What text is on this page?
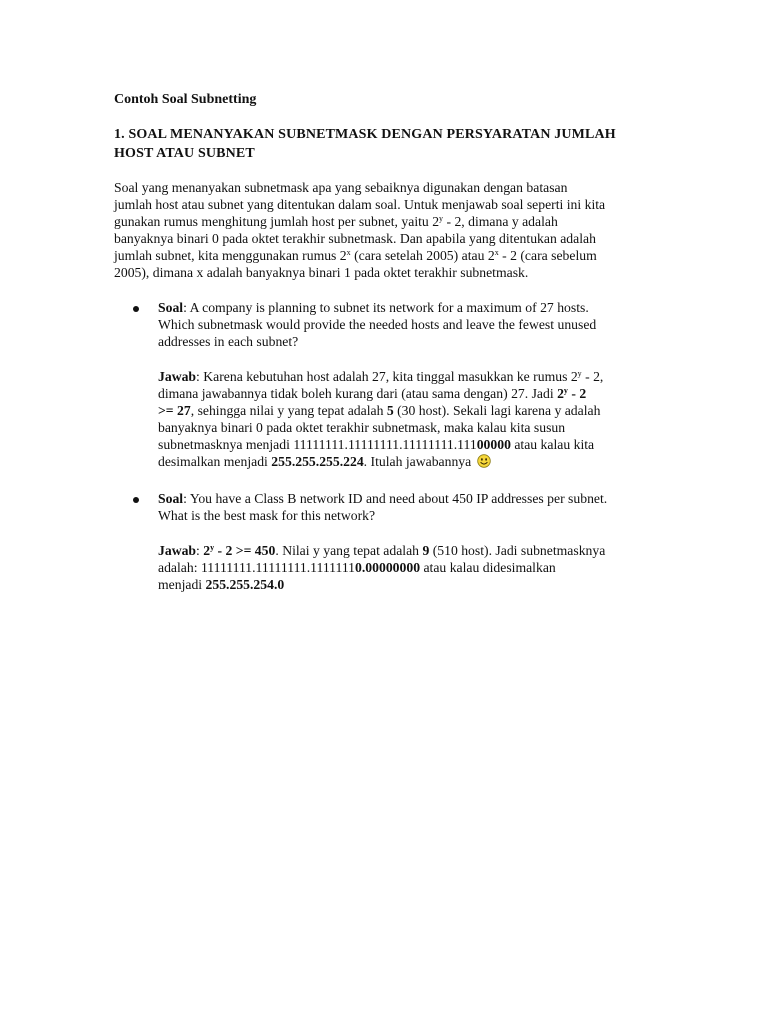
Contoh Soal Subnetting

1. SOAL MENANYAKAN SUBNETMASK DENGAN PERSYARATAN JUMLAH
HOST ATAU SUBNET

Soal yang menanyakan subnetmask apa yang sebaiknya digunakan dengan batasan
jumlah host atau subnet yang ditentukan dalam soal. Untuk menjawab soal seperti ini kita
gunakan rumus menghitung jumlah host per subnet, yaitu 2$^y$ - 2, dimana y adalah
banyaknya binari 0 pada oktet terakhir subnetmask. Dan apabila yang ditentukan adalah
jumlah subnet, kita menggunakan rumus 2$^x$ (cara setelah 2005) atau 2$^x$ - 2 (cara sebelum
2005), dimana x adalah banyaknya binari 1 pada oktet terakhir subnetmask.

Soal: A company is planning to subnet its network for a maximum of 27 hosts.
Which subnetmask would provide the needed hosts and leave the fewest unused
addresses in each subnet?

Jawab: Karena kebutuhan host adalah 27, kita tinggal masukkan ke rumus 2$^y$ - 2,
dimana jawabannya tidak boleh kurang dari (atau sama dengan) 27. Jadi 2$^y$ - 2
>= 27, sehingga nilai y yang tepat adalah 5 (30 host). Sekali lagi karena y adalah
banyaknya binari 0 pada oktet terakhir subnetmask, maka kalau kita susun
subnetmasknya menjadi 11111111.11111111.11111111.11100000 atau kalau kita
desimalkan menjadi 255.255.255.224. Itulah jawabannya

Soal: You have a Class B network ID and need about 450 IP addresses per subnet.
What is the best mask for this network?

Jawab: 2$^y$ - 2 >= 450. Nilai y yang tepat adalah 9 (510 host). Jadi subnetmasknya
adalah: 11111111.11111111.11111110.00000000 atau kalau didesimalkan
menjadi 255.255.254.0
